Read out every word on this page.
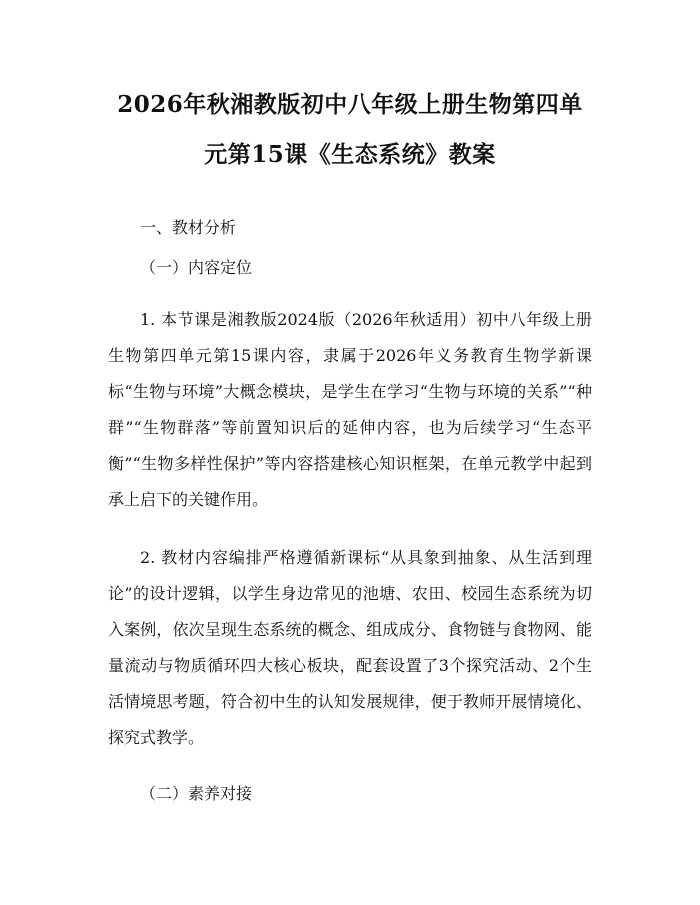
2026年秋湘教版初中八年级上册生物第四单元第15课《生态系统》教案

一、教材分析

（一）内容定位

1. 本节课是湘教版2024版（2026年秋适用）初中八年级上册生物第四单元第15课内容，隶属于2026年义务教育生物学新课标“生物与环境”大概念模块，是学生在学习“生物与环境的关系”“种群”“生物群落”等前置知识后的延伸内容，也为后续学习“生态平衡”“生物多样性保护”等内容搭建核心知识框架，在单元教学中起到承上启下的关键作用。

2. 教材内容编排严格遵循新课标“从具象到抽象、从生活到理论”的设计逻辑，以学生身边常见的池塘、农田、校园生态系统为切入案例，依次呈现生态系统的概念、组成成分、食物链与食物网、能量流动与物质循环四大核心板块，配套设置了3个探究活动、2个生活情境思考题，符合初中生的认知发展规律，便于教师开展情境化、探究式教学。

（二）素养对接
